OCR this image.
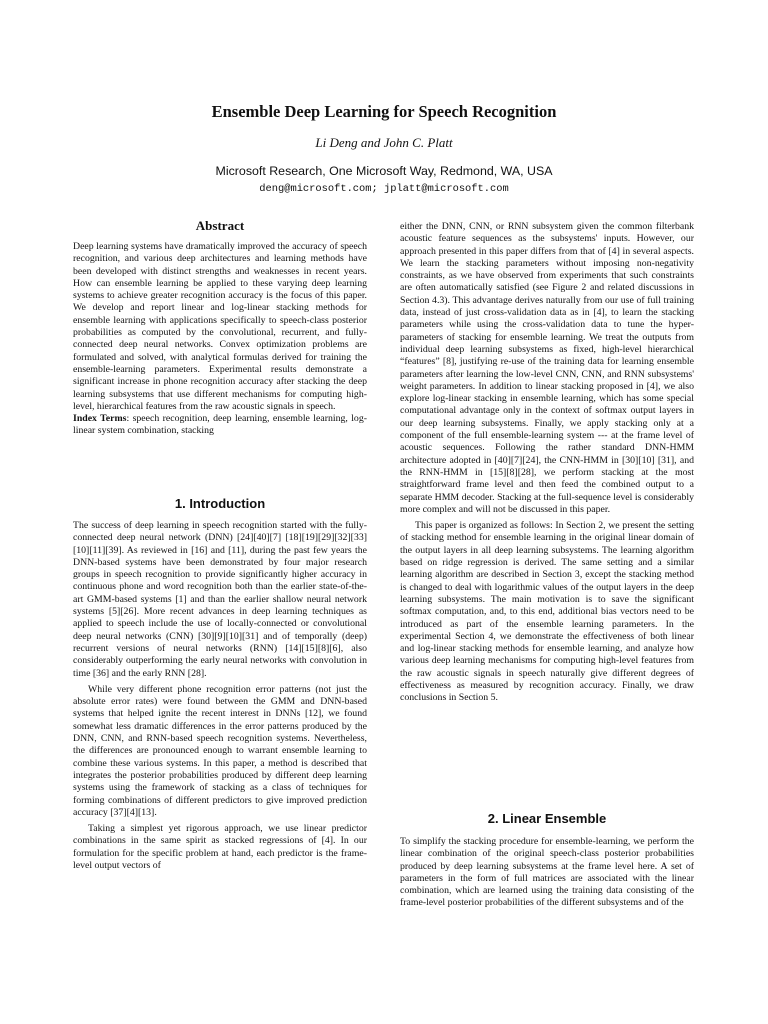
Ensemble Deep Learning for Speech Recognition

Li Deng and John C. Platt

Microsoft Research, One Microsoft Way, Redmond, WA, USA

deng@microsoft.com; jplatt@microsoft.com

Abstract

Deep learning systems have dramatically improved the accuracy of speech recognition, and various deep architectures and learning methods have been developed with distinct strengths and weaknesses in recent years. How can ensemble learning be applied to these varying deep learning systems to achieve greater recognition accuracy is the focus of this paper. We develop and report linear and log-linear stacking methods for ensemble learning with applications specifically to speech-class posterior probabilities as computed by the convolutional, recurrent, and fully-connected deep neural networks. Convex optimization problems are formulated and solved, with analytical formulas derived for training the ensemble-learning parameters. Experimental results demonstrate a significant increase in phone recognition accuracy after stacking the deep learning subsystems that use different mechanisms for computing high-level, hierarchical features from the raw acoustic signals in speech.

Index Terms: speech recognition, deep learning, ensemble learning, log-linear system combination, stacking

1. Introduction

The success of deep learning in speech recognition started with the fully-connected deep neural network (DNN) [24][40][7] [18][19][29][32][33][10][11][39]. As reviewed in [16] and [11], during the past few years the DNN-based systems have been demonstrated by four major research groups in speech recognition to provide significantly higher accuracy in continuous phone and word recognition both than the earlier state-of-the-art GMM-based systems [1] and than the earlier shallow neural network systems [5][26]. More recent advances in deep learning techniques as applied to speech include the use of locally-connected or convolutional deep neural networks (CNN) [30][9][10][31] and of temporally (deep) recurrent versions of neural networks (RNN) [14][15][8][6], also considerably outperforming the early neural networks with convolution in time [36] and the early RNN [28].

While very different phone recognition error patterns (not just the absolute error rates) were found between the GMM and DNN-based systems that helped ignite the recent interest in DNNs [12], we found somewhat less dramatic differences in the error patterns produced by the DNN, CNN, and RNN-based speech recognition systems. Nevertheless, the differences are pronounced enough to warrant ensemble learning to combine these various systems. In this paper, a method is described that integrates the posterior probabilities produced by different deep learning systems using the framework of stacking as a class of techniques for forming combinations of different predictors to give improved prediction accuracy [37][4][13].

Taking a simplest yet rigorous approach, we use linear predictor combinations in the same spirit as stacked regressions of [4]. In our formulation for the specific problem at hand, each predictor is the frame-level output vectors of

either the DNN, CNN, or RNN subsystem given the common filterbank acoustic feature sequences as the subsystems' inputs. However, our approach presented in this paper differs from that of [4] in several aspects. We learn the stacking parameters without imposing non-negativity constraints, as we have observed from experiments that such constraints are often automatically satisfied (see Figure 2 and related discussions in Section 4.3). This advantage derives naturally from our use of full training data, instead of just cross-validation data as in [4], to learn the stacking parameters while using the cross-validation data to tune the hyper-parameters of stacking for ensemble learning. We treat the outputs from individual deep learning subsystems as fixed, high-level hierarchical “features” [8], justifying re-use of the training data for learning ensemble parameters after learning the low-level CNN, CNN, and RNN subsystems' weight parameters. In addition to linear stacking proposed in [4], we also explore log-linear stacking in ensemble learning, which has some special computational advantage only in the context of softmax output layers in our deep learning subsystems. Finally, we apply stacking only at a component of the full ensemble-learning system --- at the frame level of acoustic sequences. Following the rather standard DNN-HMM architecture adopted in [40][7][24], the CNN-HMM in [30][10] [31], and the RNN-HMM in [15][8][28], we perform stacking at the most straightforward frame level and then feed the combined output to a separate HMM decoder. Stacking at the full-sequence level is considerably more complex and will not be discussed in this paper.

This paper is organized as follows: In Section 2, we present the setting of stacking method for ensemble learning in the original linear domain of the output layers in all deep learning subsystems. The learning algorithm based on ridge regression is derived. The same setting and a similar learning algorithm are described in Section 3, except the stacking method is changed to deal with logarithmic values of the output layers in the deep learning subsystems. The main motivation is to save the significant softmax computation, and, to this end, additional bias vectors need to be introduced as part of the ensemble learning parameters. In the experimental Section 4, we demonstrate the effectiveness of both linear and log-linear stacking methods for ensemble learning, and analyze how various deep learning mechanisms for computing high-level features from the raw acoustic signals in speech naturally give different degrees of effectiveness as measured by recognition accuracy. Finally, we draw conclusions in Section 5.

2. Linear Ensemble

To simplify the stacking procedure for ensemble-learning, we perform the linear combination of the original speech-class posterior probabilities produced by deep learning subsystems at the frame level here. A set of parameters in the form of full matrices are associated with the linear combination, which are learned using the training data consisting of the frame-level posterior probabilities of the different subsystems and of the
